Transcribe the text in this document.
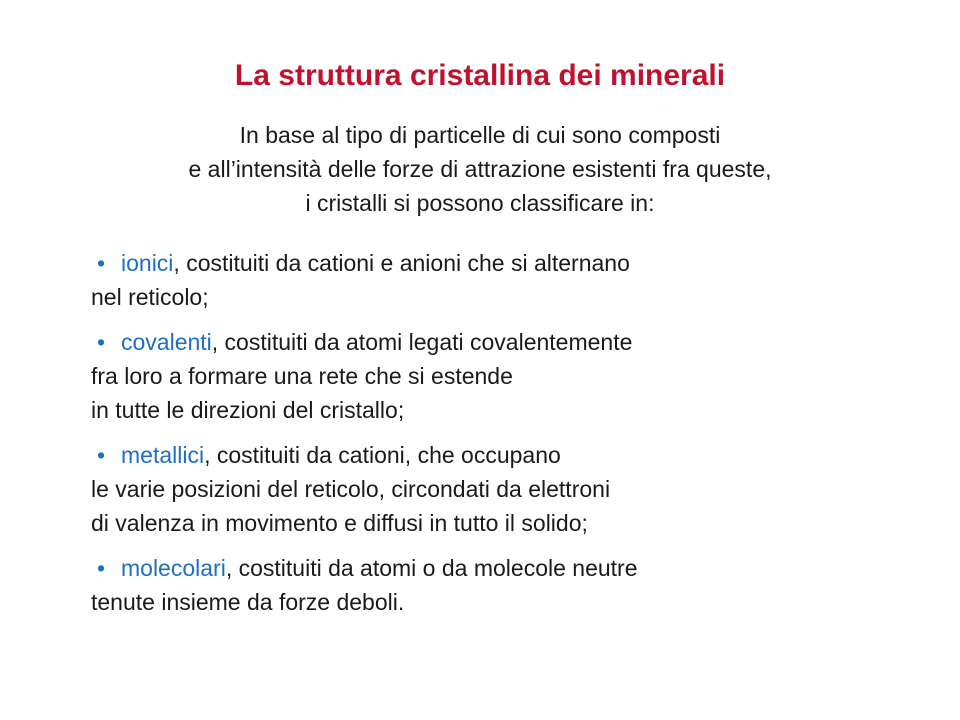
La struttura cristallina dei minerali
In base al tipo di particelle di cui sono composti
e all’intensità delle forze di attrazione esistenti fra queste,
i cristalli si possono classificare in:
• ionici, costituiti da cationi e anioni che si alternano
nel reticolo;
• covalenti, costituiti da atomi legati covalentemente
fra loro a formare una rete che si estende
in tutte le direzioni del cristallo;
• metallici, costituiti da cationi, che occupano
le varie posizioni del reticolo, circondati da elettroni
di valenza in movimento e diffusi in tutto il solido;
• molecolari, costituiti da atomi o da molecole neutre
tenute insieme da forze deboli.
